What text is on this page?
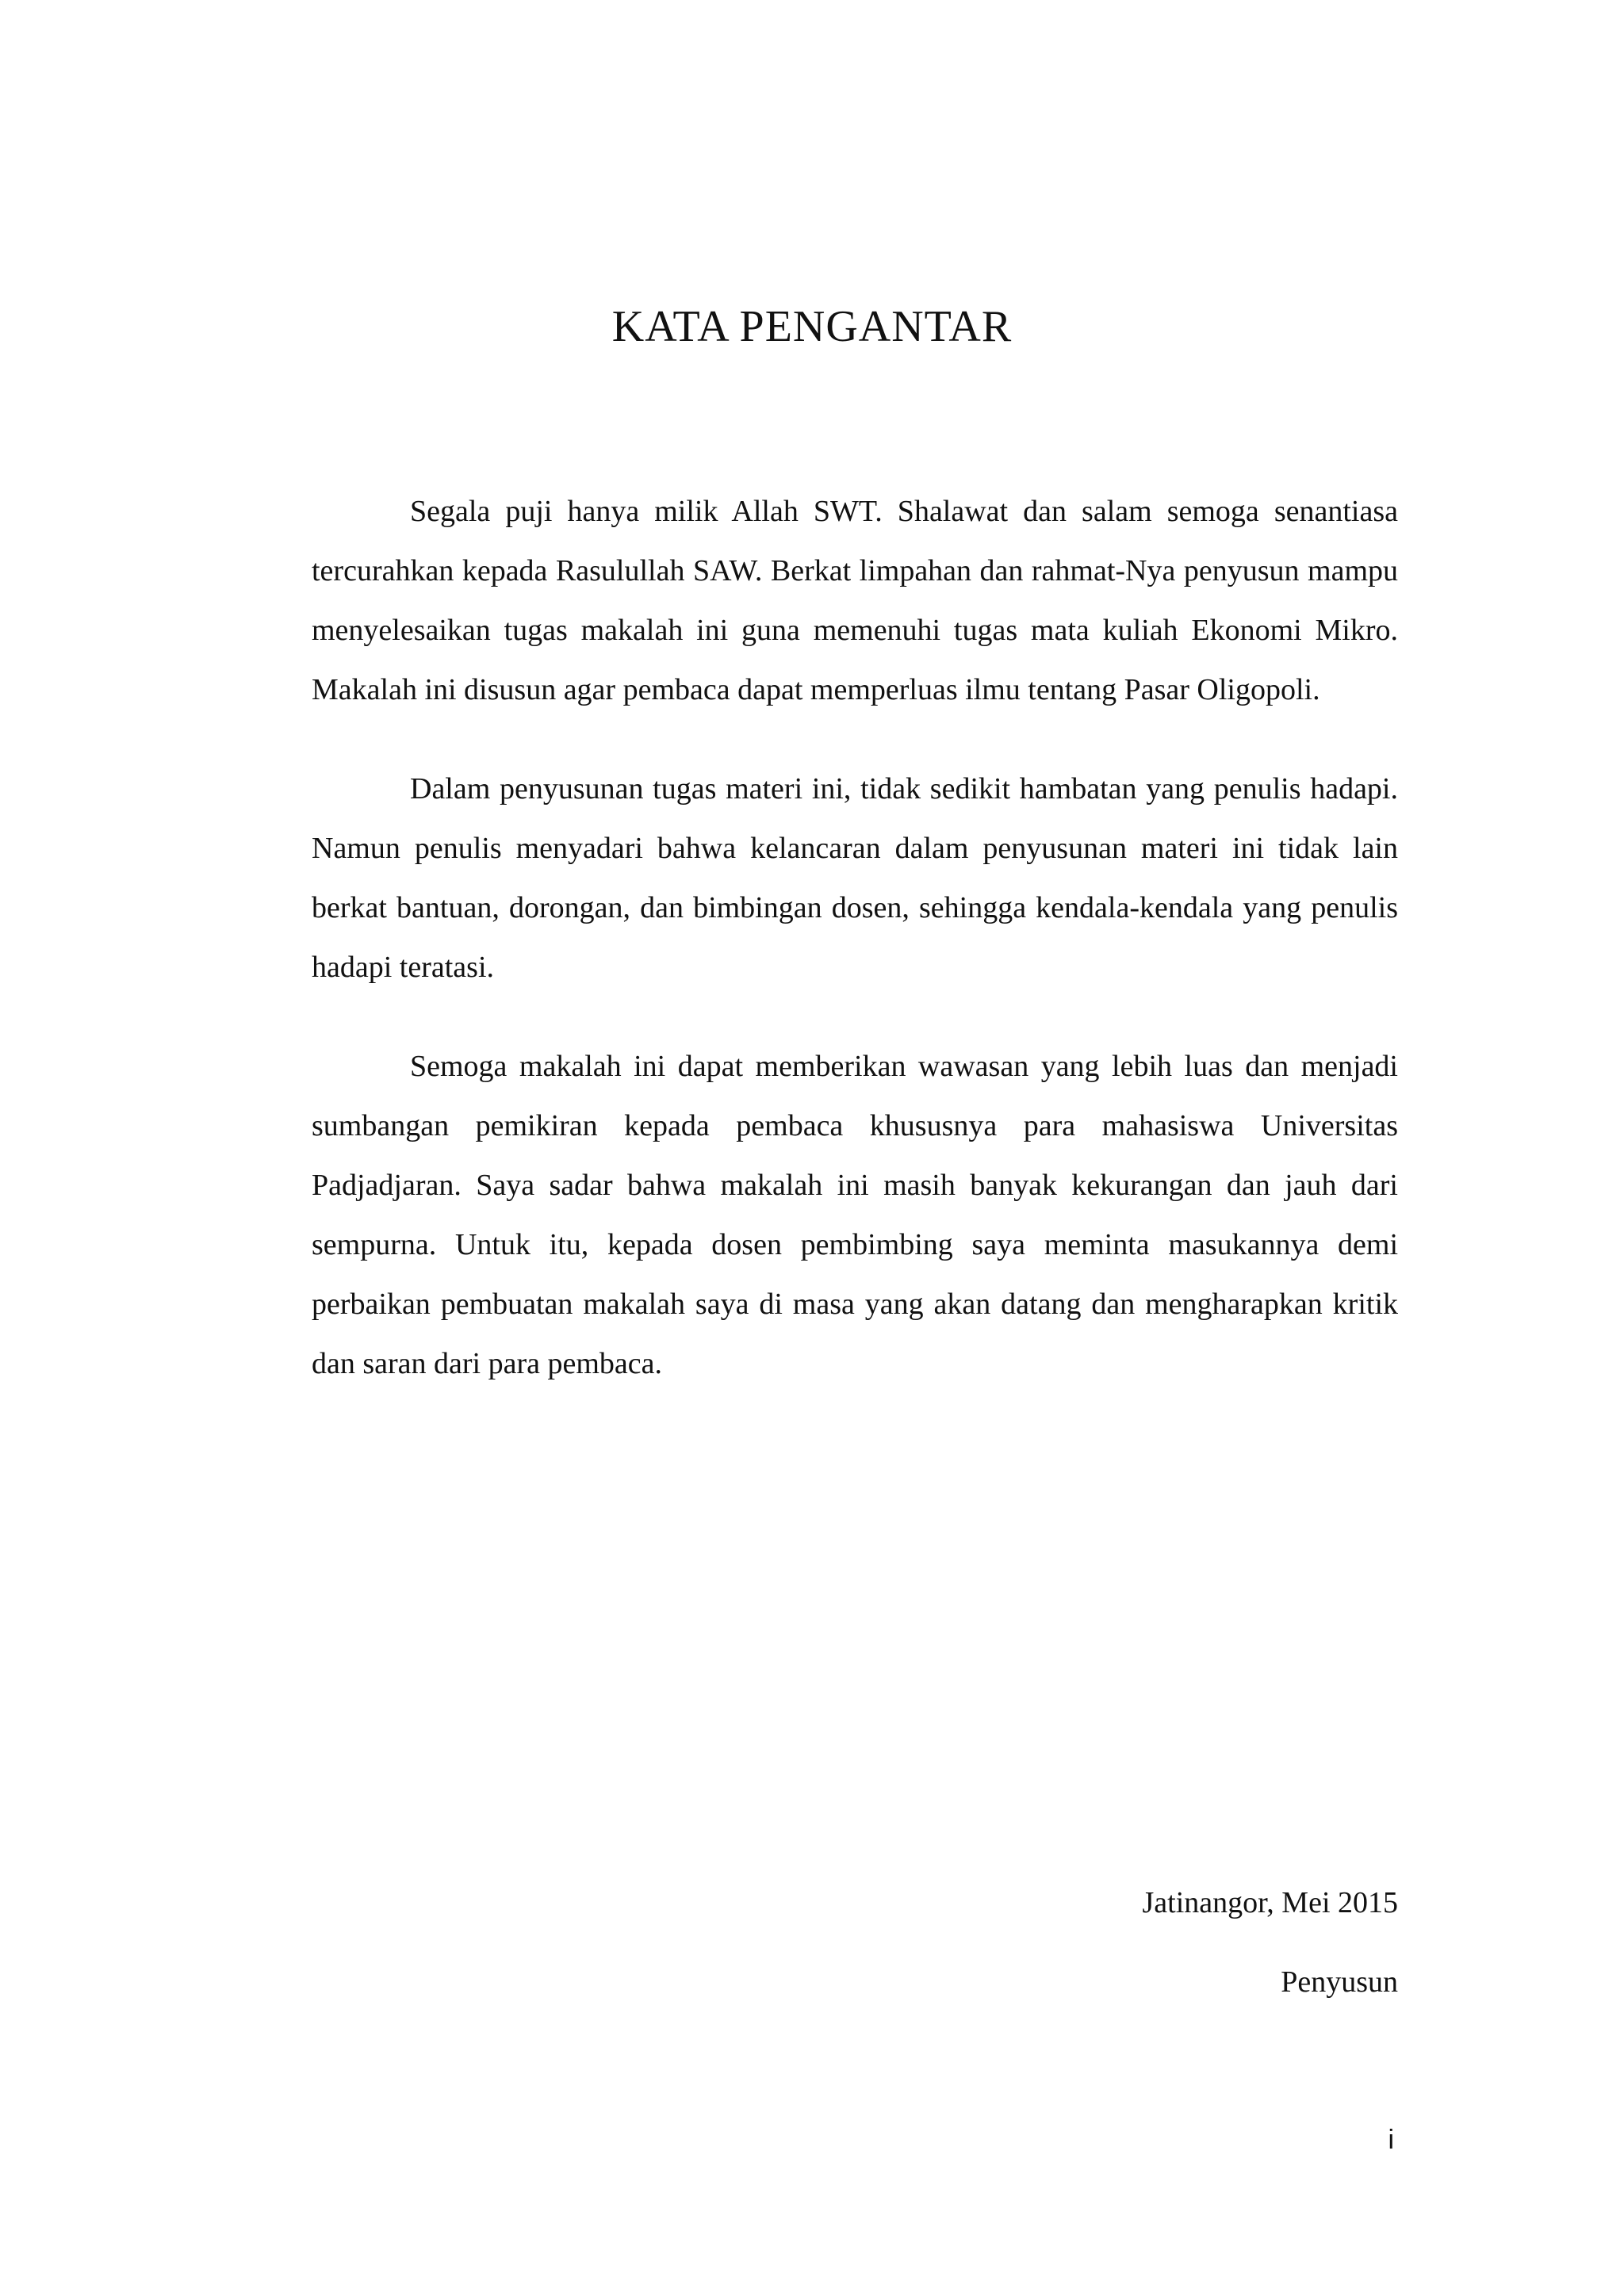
KATA PENGANTAR

Segala puji hanya milik Allah SWT. Shalawat dan salam semoga senantiasa tercurahkan kepada Rasulullah SAW. Berkat limpahan dan rahmat-Nya penyusun mampu menyelesaikan tugas makalah ini guna memenuhi tugas mata kuliah Ekonomi Mikro. Makalah ini disusun agar pembaca dapat memperluas ilmu tentang Pasar Oligopoli.

Dalam penyusunan tugas materi ini, tidak sedikit hambatan yang penulis hadapi. Namun penulis menyadari bahwa kelancaran dalam penyusunan materi ini tidak lain berkat bantuan, dorongan, dan bimbingan dosen, sehingga kendala-kendala yang penulis hadapi teratasi.

Semoga makalah ini dapat memberikan wawasan yang lebih luas dan menjadi sumbangan pemikiran kepada pembaca khususnya para mahasiswa Universitas Padjadjaran. Saya sadar bahwa makalah ini masih banyak kekurangan dan jauh dari sempurna. Untuk itu, kepada dosen pembimbing saya meminta masukannya demi perbaikan pembuatan makalah saya di masa yang akan datang dan mengharapkan kritik dan saran dari para pembaca.

Jatinangor, Mei 2015
Penyusun
i
